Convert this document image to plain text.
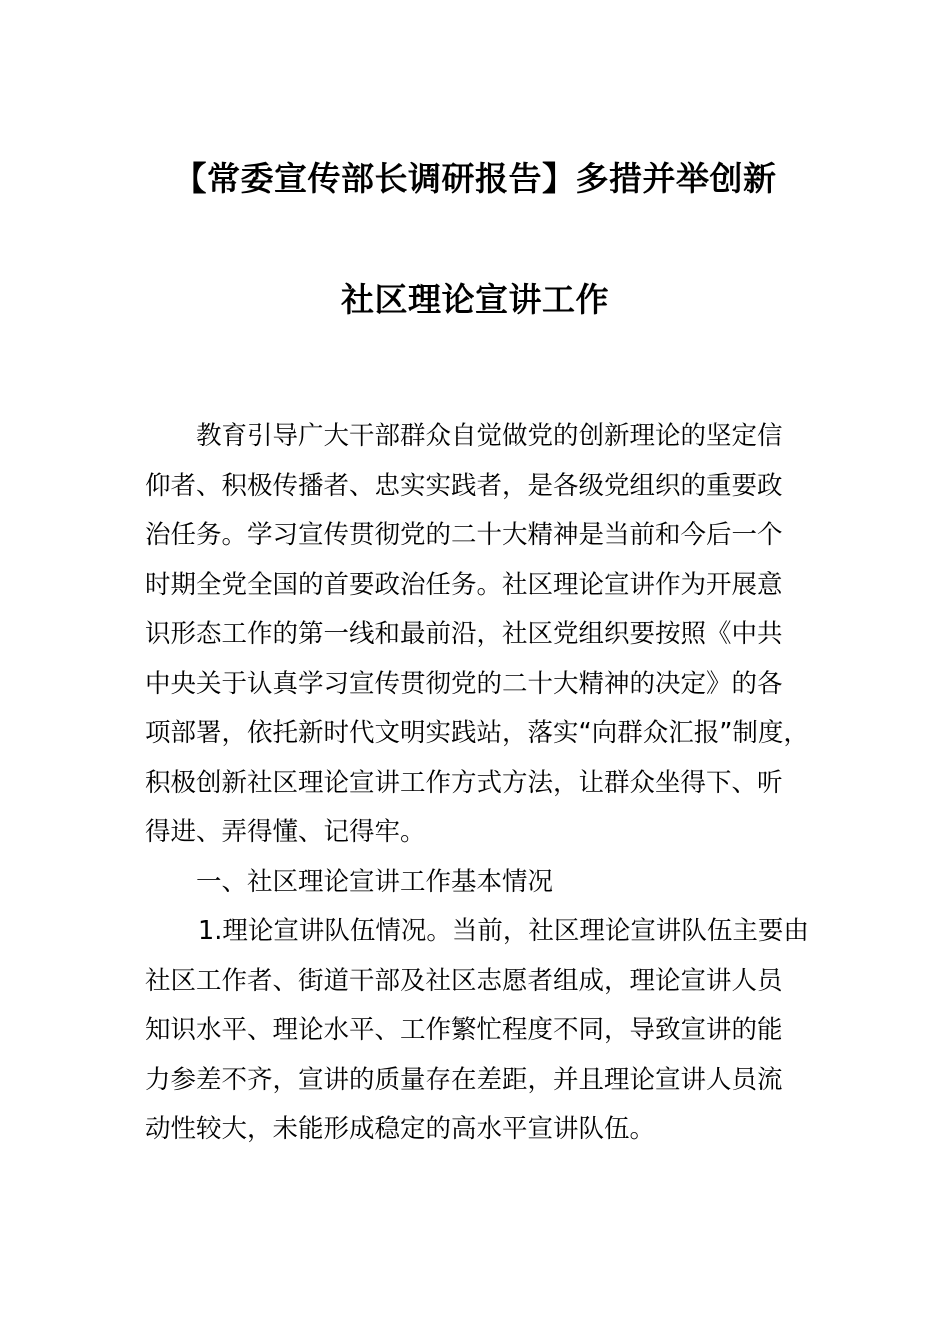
【常委宣传部长调研报告】多措并举创新
社区理论宣讲工作
教育引导广大干部群众自觉做党的创新理论的坚定信
仰者、积极传播者、忠实实践者，是各级党组织的重要政
治任务。学习宣传贯彻党的二十大精神是当前和今后一个
时期全党全国的首要政治任务。社区理论宣讲作为开展意
识形态工作的第一线和最前沿，社区党组织要按照《中共
中央关于认真学习宣传贯彻党的二十大精神的决定》的各
项部署，依托新时代文明实践站，落实“向群众汇报”制度，
积极创新社区理论宣讲工作方式方法，让群众坐得下、听
得进、弄得懂、记得牢。
一、社区理论宣讲工作基本情况
1.理论宣讲队伍情况。当前，社区理论宣讲队伍主要由
社区工作者、街道干部及社区志愿者组成，理论宣讲人员
知识水平、理论水平、工作繁忙程度不同，导致宣讲的能
力参差不齐，宣讲的质量存在差距，并且理论宣讲人员流
动性较大，未能形成稳定的高水平宣讲队伍。
